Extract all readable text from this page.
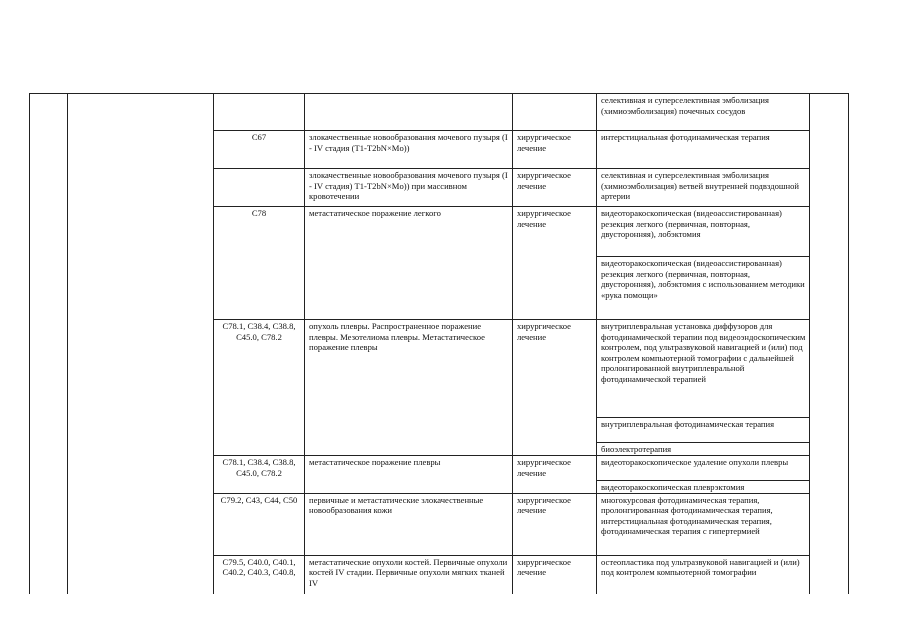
					селективная и суперселективная эмболизация (химиоэмболизация) почечных сосудов	
		C67	злокачественные новообразования мочевого пузыря (I - IV стадия (T1-T2bN×Mo))	хирургическое лечение	интерстициальная фотодинамическая терапия	
			злокачественные новообразования мочевого пузыря (I - IV стадия) T1-T2bN×Mo)) при массивном кровотечении	хирургическое лечение	селективная и суперселективная эмболизация (химиоэмболизация) ветвей внутренней подвздошной артерии	
		C78	метастатическое поражение легкого	хирургическое лечение	видеоторакоскопическая (видеоассистированная) резекция легкого (первичная, повторная, двусторонняя), лобэктомия	
					видеоторакоскопическая (видеоассистированная) резекция легкого (первичная, повторная, двусторонняя), лобэктомия с использованием методики «рука помощи»	
		C78.1, C38.4, C38.8, C45.0, C78.2	опухоль плевры. Распространенное поражение плевры. Мезотелиома плевры. Метастатическое поражение плевры	хирургическое лечение	внутриплевральная установка диффузоров для фотодинамической терапии под видеоэндоскопическим контролем, под ультразвуковой навигацией и (или) под контролем компьютерной томографии с дальнейшей пролонгированной внутриплевральной фотодинамической терапией	
					внутриплевральная фотодинамическая терапия	
					биоэлектротерапия	
		C78.1, C38.4, C38.8, C45.0, C78.2	метастатическое поражение плевры	хирургическое лечение	видеоторакоскопическое удаление опухоли плевры	
					видеоторакоскопическая плеврэктомия	
		C79.2, C43, C44, C50	первичные и метастатические злокачественные новообразования кожи	хирургическое лечение	многокурсовая фотодинамическая терапия, пролонгированная фотодинамическая терапия, интерстициальная фотодинамическая терапия, фотодинамическая терапия с гипертермией	
		C79.5, C40.0, C40.1, C40.2, C40.3, C40.8,	метастатические опухоли костей. Первичные опухоли костей IV стадии. Первичные опухоли мягких тканей IV	хирургическое лечение	остеопластика под ультразвуковой навигацией и (или) под контролем компьютерной томографии	
